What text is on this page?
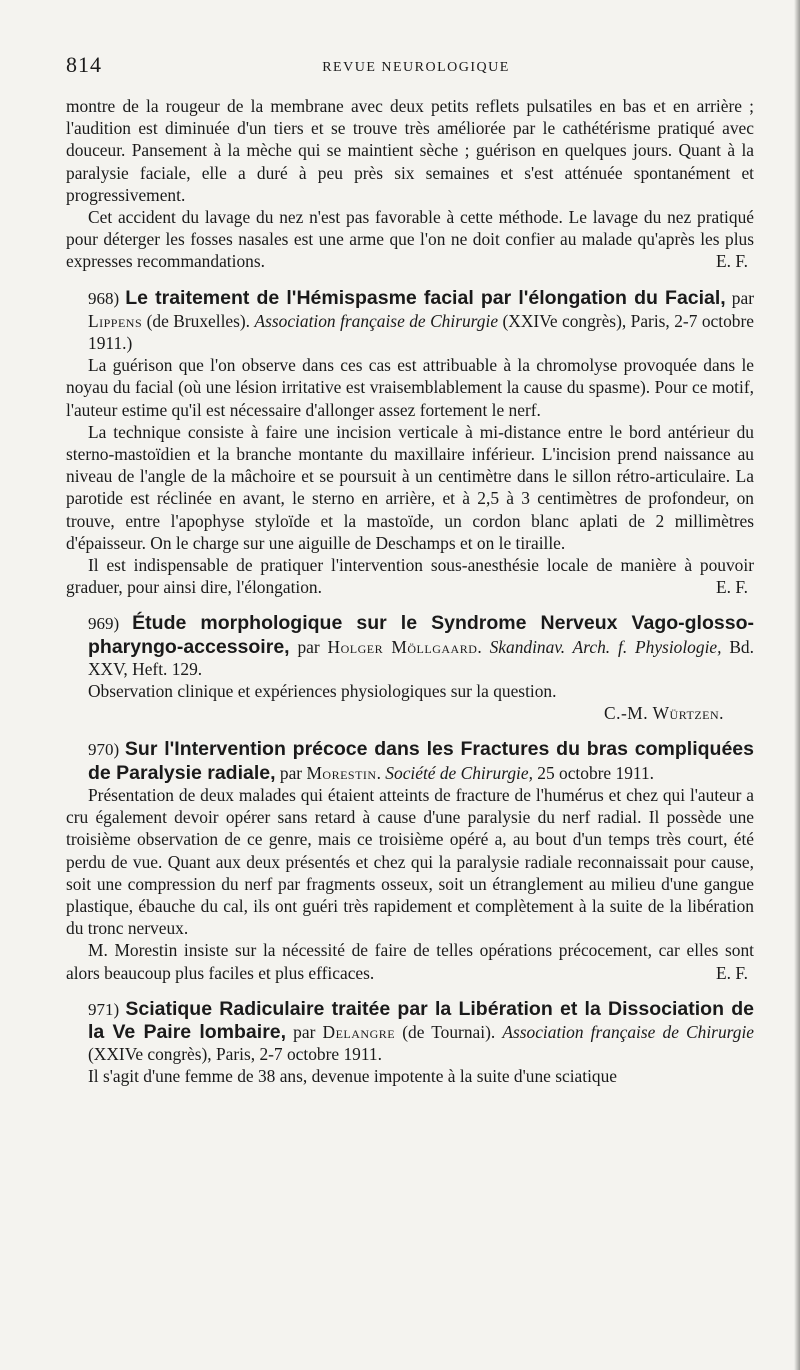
814	REVUE NEUROLOGIQUE

montre de la rougeur de la membrane avec deux petits reflets pulsatiles en bas et en arrière ; l'audition est diminuée d'un tiers et se trouve très améliorée par le cathétérisme pratiqué avec douceur. Pansement à la mèche qui se maintient sèche ; guérison en quelques jours. Quant à la paralysie faciale, elle a duré à peu près six semaines et s'est atténuée spontanément et progressivement.

Cet accident du lavage du nez n'est pas favorable à cette méthode. Le lavage du nez pratiqué pour déterger les fosses nasales est une arme que l'on ne doit confier au malade qu'après les plus expresses recommandations.	E. F.

968) Le traitement de l'Hémispasme facial par l'élongation du Facial, par Lippens (de Bruxelles). Association française de Chirurgie (XXIVe congrès), Paris, 2-7 octobre 1911.)

La guérison que l'on observe dans ces cas est attribuable à la chromolyse provoquée dans le noyau du facial (où une lésion irritative est vraisemblablement la cause du spasme). Pour ce motif, l'auteur estime qu'il est nécessaire d'allonger assez fortement le nerf.

La technique consiste à faire une incision verticale à mi-distance entre le bord antérieur du sterno-mastoïdien et la branche montante du maxillaire inférieur. L'incision prend naissance au niveau de l'angle de la mâchoire et se poursuit à un centimètre dans le sillon rétro-articulaire. La parotide est réclinée en avant, le sterno en arrière, et à 2,5 à 3 centimètres de profondeur, on trouve, entre l'apophyse styloïde et la mastoïde, un cordon blanc aplati de 2 millimètres d'épaisseur. On le charge sur une aiguille de Deschamps et on le tiraille.

Il est indispensable de pratiquer l'intervention sous-anesthésie locale de manière à pouvoir graduer, pour ainsi dire, l'élongation.	E. F.

969) Étude morphologique sur le Syndrome Nerveux Vago-glosso-pharyngo-accessoire, par Holger Möllgaard. Skandinav. Arch. f. Physiologie, Bd. XXV, Heft. 129.

Observation clinique et expériences physiologiques sur la question.

C.-M. Würtzen.

970) Sur l'Intervention précoce dans les Fractures du bras compliquées de Paralysie radiale, par Morestin. Société de Chirurgie, 25 octobre 1911.

Présentation de deux malades qui étaient atteints de fracture de l'humérus et chez qui l'auteur a cru également devoir opérer sans retard à cause d'une paralysie du nerf radial. Il possède une troisième observation de ce genre, mais ce troisième opéré a, au bout d'un temps très court, été perdu de vue. Quant aux deux présentés et chez qui la paralysie radiale reconnaissait pour cause, soit une compression du nerf par fragments osseux, soit un étranglement au milieu d'une gangue plastique, ébauche du cal, ils ont guéri très rapidement et complètement à la suite de la libération du tronc nerveux.

M. Morestin insiste sur la nécessité de faire de telles opérations précocement, car elles sont alors beaucoup plus faciles et plus efficaces.	E. F.

971) Sciatique Radiculaire traitée par la Libération et la Dissociation de la Ve Paire lombaire, par Delangre (de Tournai). Association française de Chirurgie (XXIVe congrès), Paris, 2-7 octobre 1911.

Il s'agit d'une femme de 38 ans, devenue impotente à la suite d'une sciatique
